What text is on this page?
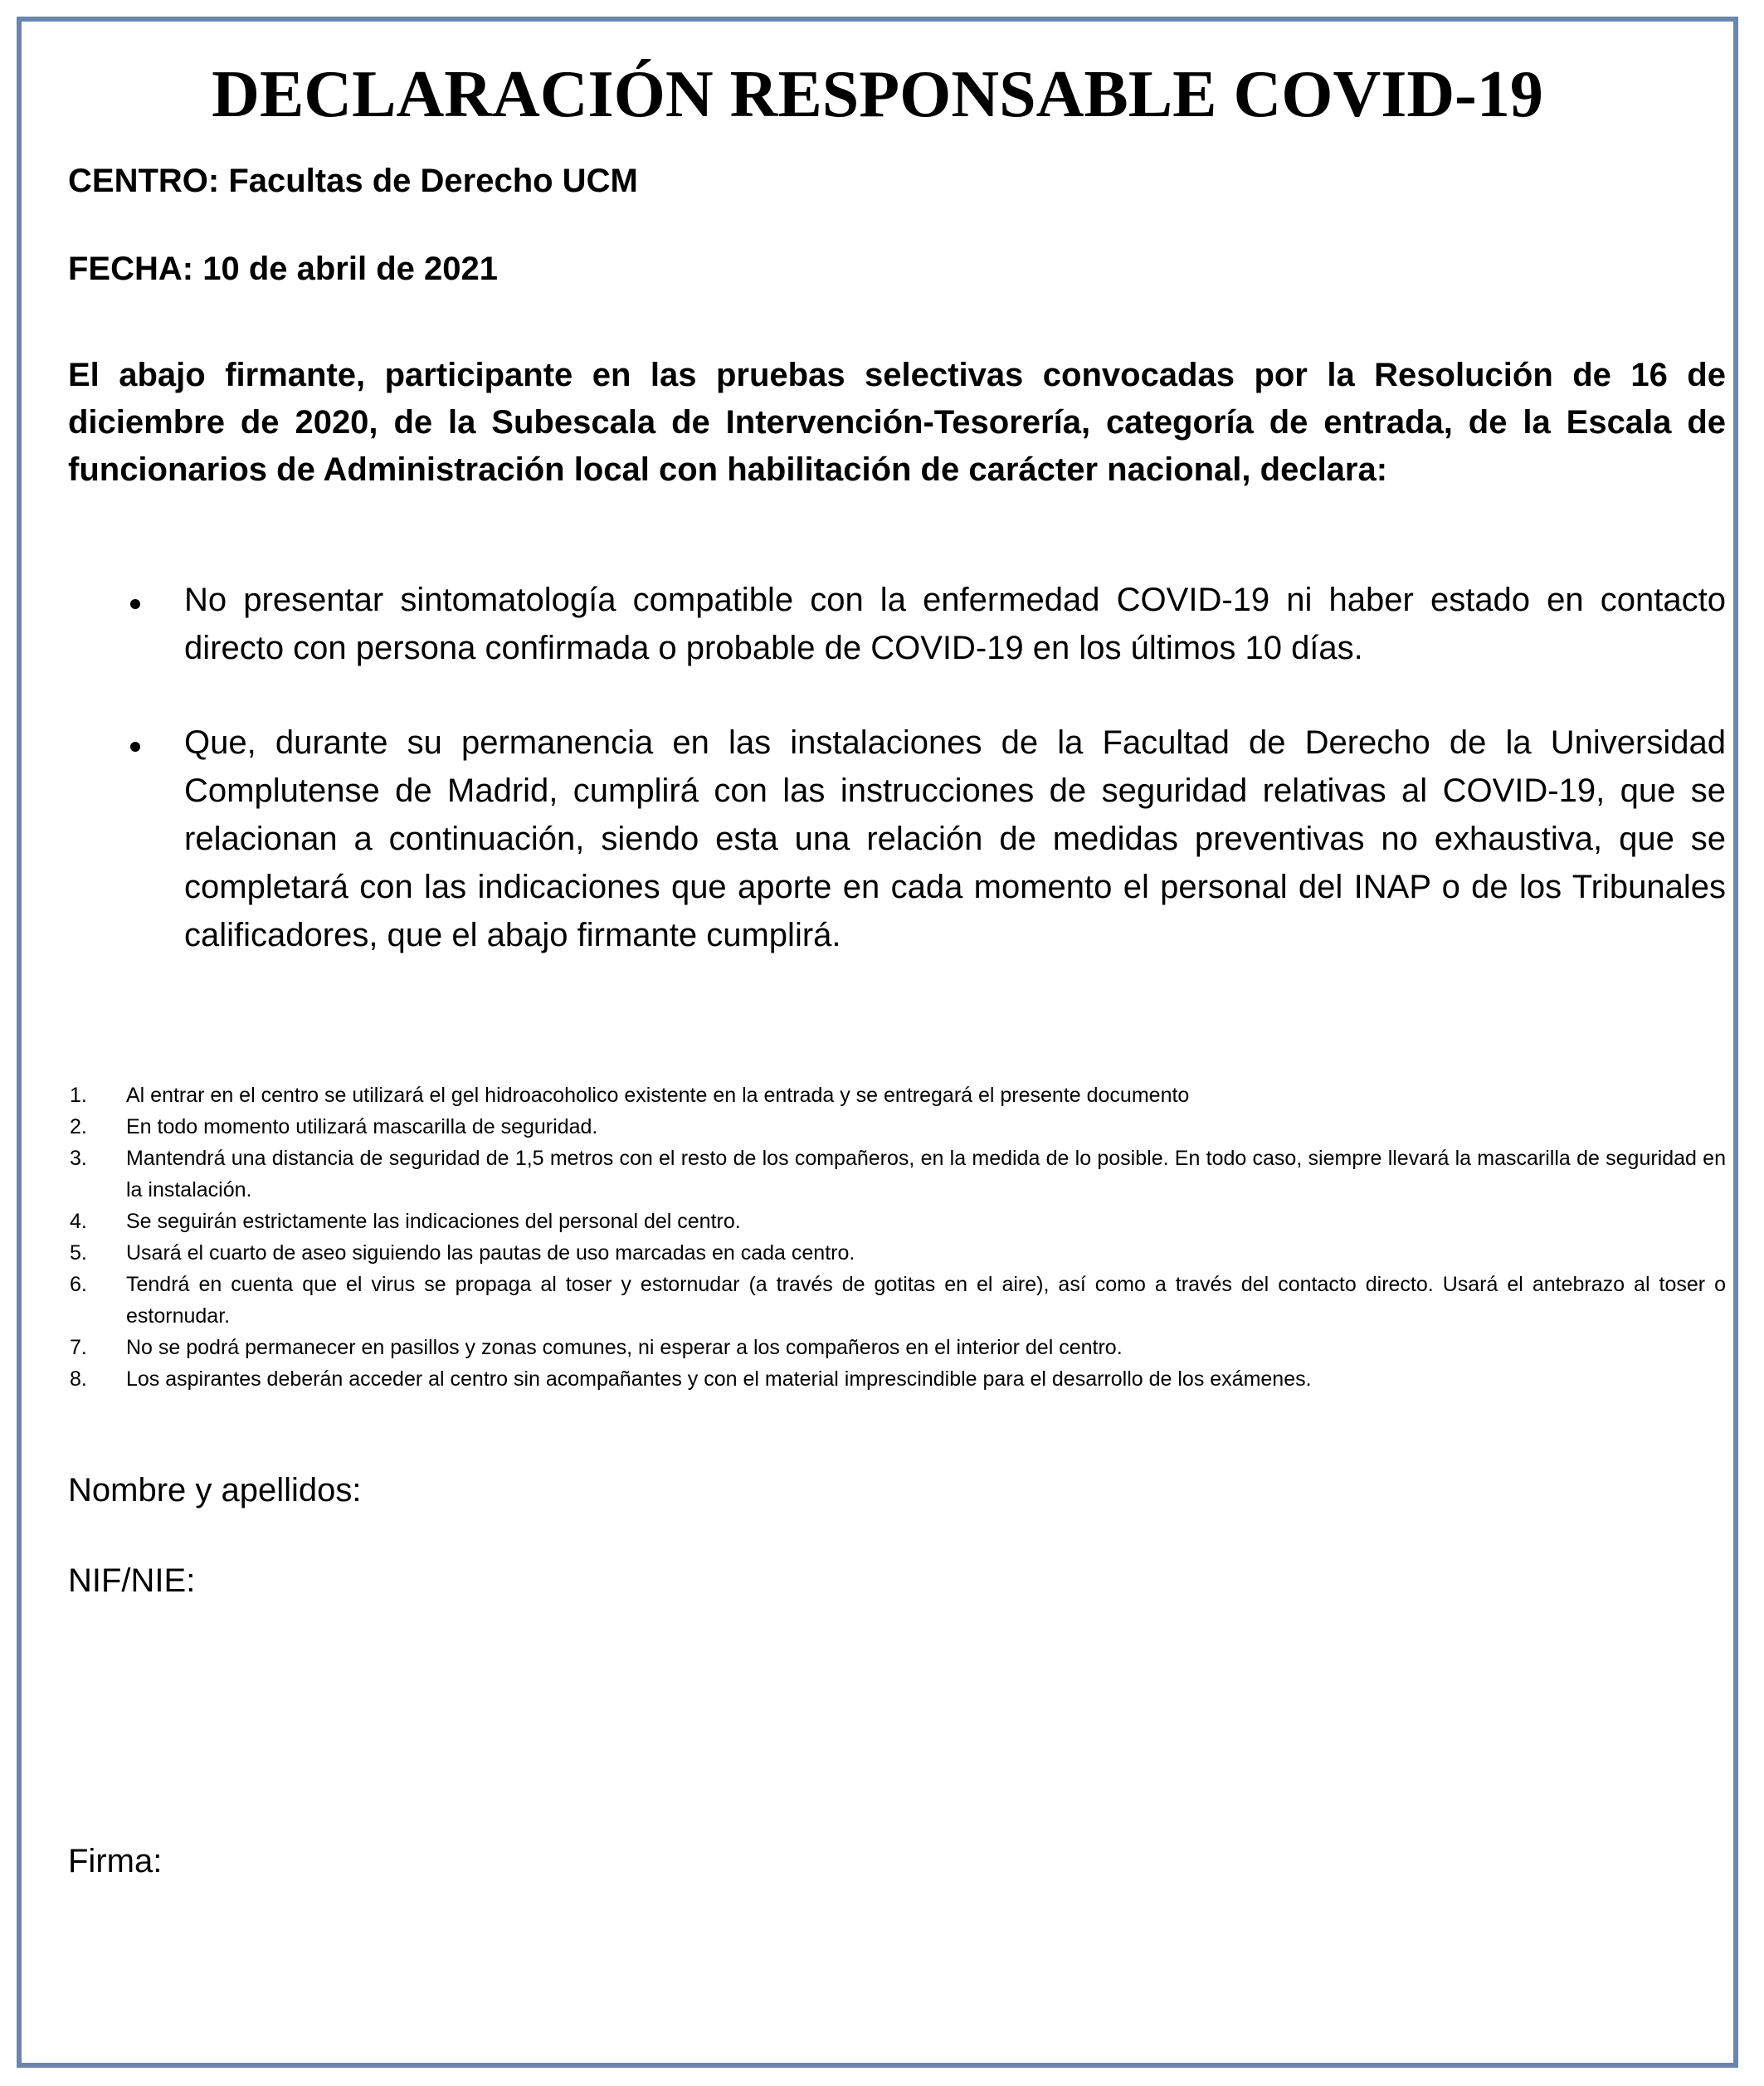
DECLARACIÓN RESPONSABLE COVID-19
CENTRO: Facultas de Derecho UCM
FECHA: 10 de abril de 2021

El abajo firmante, participante en las pruebas selectivas convocadas por la Resolución de 16 de diciembre de 2020, de la Subescala de Intervención-Tesorería, categoría de entrada, de la Escala de funcionarios de Administración local con habilitación de carácter nacional, declara:

No presentar sintomatología compatible con la enfermedad COVID-19 ni haber estado en contacto directo con persona confirmada o probable de COVID-19 en los últimos 10 días.
Que, durante su permanencia en las instalaciones de la Facultad de Derecho de la Universidad Complutense de Madrid, cumplirá con las instrucciones de seguridad relativas al COVID-19, que se relacionan a continuación, siendo esta una relación de medidas preventivas no exhaustiva, que se completará con las indicaciones que aporte en cada momento el personal del INAP o de los Tribunales calificadores, que el abajo firmante cumplirá.
1. Al entrar en el centro se utilizará el gel hidroacoholico existente en la entrada y se entregará el presente documento
2. En todo momento utilizará mascarilla de seguridad.
3. Mantendrá una distancia de seguridad de 1,5 metros con el resto de los compañeros, en la medida de lo posible. En todo caso, siempre llevará la mascarilla de seguridad en la instalación.
4. Se seguirán estrictamente las indicaciones del personal del centro.
5. Usará el cuarto de aseo siguiendo las pautas de uso marcadas en cada centro.
6. Tendrá en cuenta que el virus se propaga al toser y estornudar (a través de gotitas en el aire), así como a través del contacto directo. Usará el antebrazo al toser o estornudar.
7. No se podrá permanecer en pasillos y zonas comunes, ni esperar a los compañeros en el interior del centro.
8. Los aspirantes deberán acceder al centro sin acompañantes y con el material imprescindible para el desarrollo de los exámenes.
Nombre y apellidos:
NIF/NIE:
Firma:
